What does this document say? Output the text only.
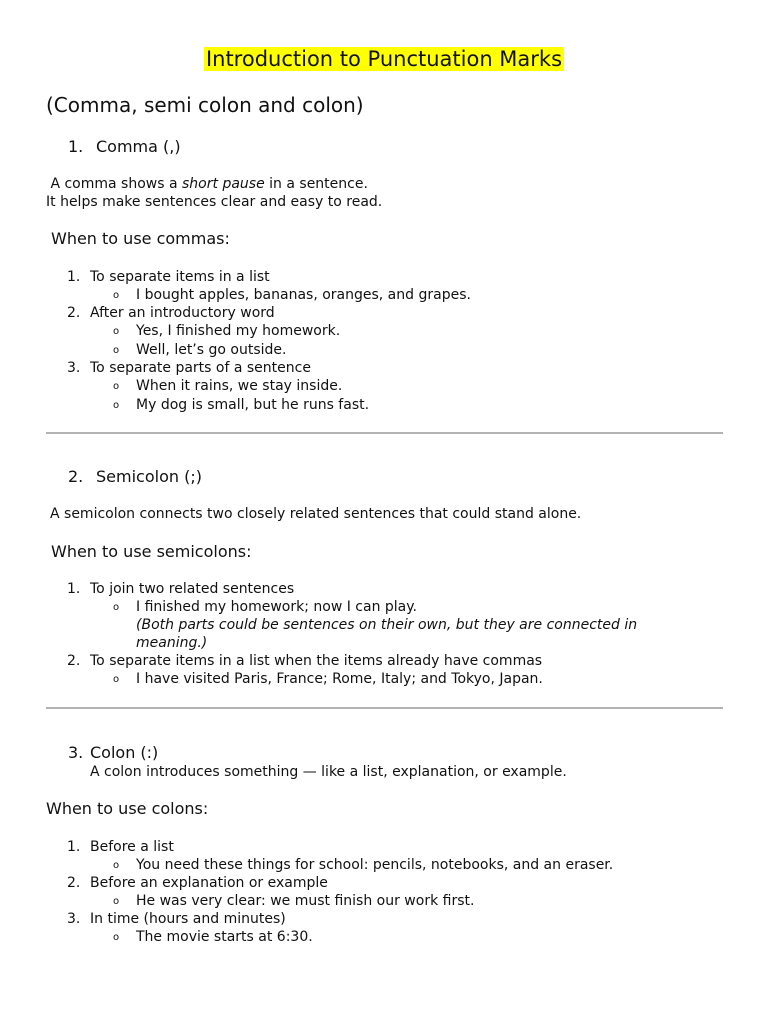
Introduction to Punctuation Marks
(Comma, semi colon and colon)
1. Comma (,)
A comma shows a short pause in a sentence.
It helps make sentences clear and easy to read.
When to use commas:
1. To separate items in a list
o I bought apples, bananas, oranges, and grapes.
2. After an introductory word
o Yes, I finished my homework.
o Well, let’s go outside.
3. To separate parts of a sentence
o When it rains, we stay inside.
o My dog is small, but he runs fast.
2. Semicolon (;)
A semicolon connects two closely related sentences that could stand alone.
When to use semicolons:
1. To join two related sentences
o I finished my homework; now I can play.
(Both parts could be sentences on their own, but they are connected in
meaning.)
2. To separate items in a list when the items already have commas
o I have visited Paris, France; Rome, Italy; and Tokyo, Japan.
3. Colon (:)
A colon introduces something — like a list, explanation, or example.
When to use colons:
1. Before a list
o You need these things for school: pencils, notebooks, and an eraser.
2. Before an explanation or example
o He was very clear: we must finish our work first.
3. In time (hours and minutes)
o The movie starts at 6:30.
